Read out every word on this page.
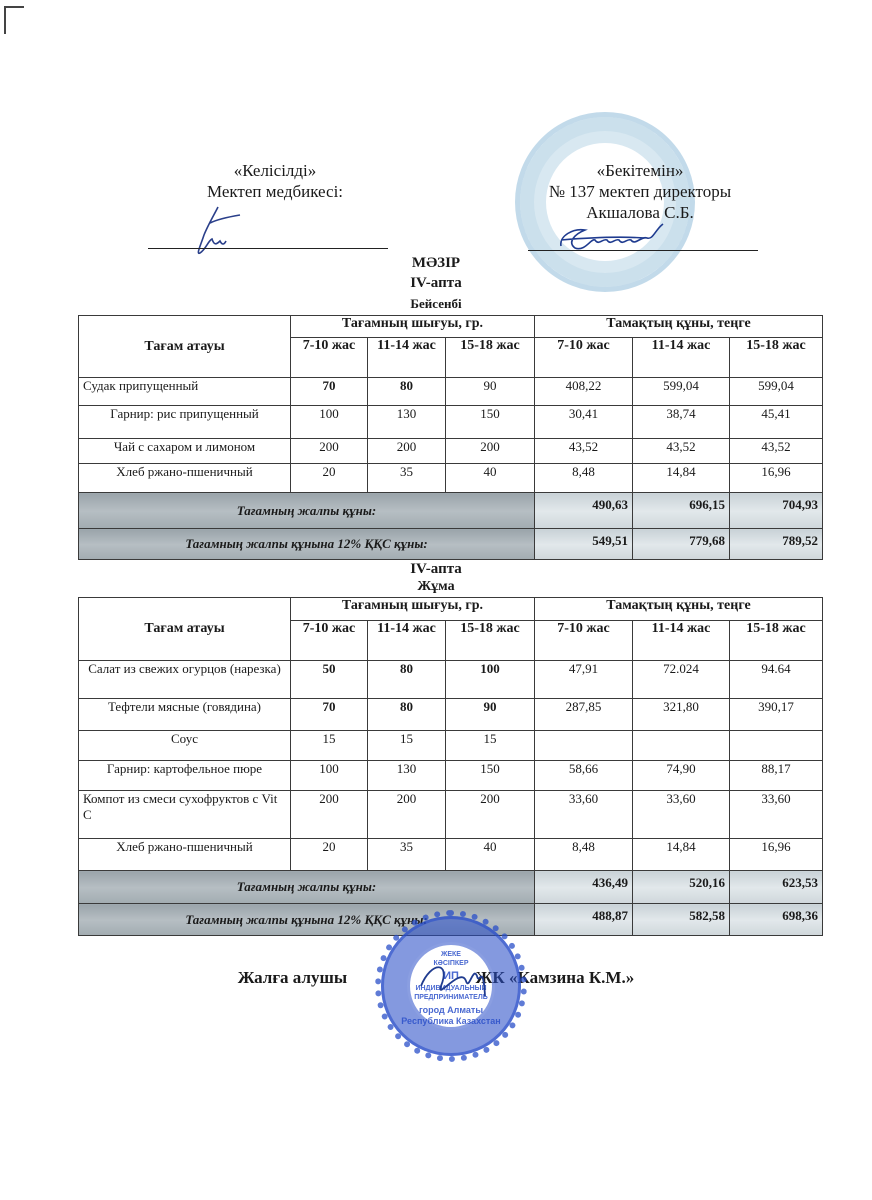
«Келісілді»
Мектеп медбикесі:
«Бекітемін»
№ 137 мектеп директоры
Акшалова С.Б.
МӘЗІР
IV-апта
Бейсенбі
Тағам атауы	Тағамның шығуы, гр.			Тамақтың құны, теңге		
	7-10 жас	11-14 жас	15-18 жас	7-10 жас	11-14 жас	15-18 жас
Судак припущенный	70	80	90	408,22	599,04	599,04
Гарнир: рис припущенный	100	130	150	30,41	38,74	45,41
Чай с сахаром и лимоном	200	200	200	43,52	43,52	43,52
Хлеб ржано-пшеничный	20	35	40	8,48	14,84	16,96
Тағамның жалпы құны:				490,63	696,15	704,93
Тағамның жалпы құнына 12% ҚҚС құны:				549,51	779,68	789,52
IV-апта
Жұма
Тағам атауы	Тағамның шығуы, гр.			Тамақтың құны, теңге		
	7-10 жас	11-14 жас	15-18 жас	7-10 жас	11-14 жас	15-18 жас
Салат из свежих огурцов (нарезка)	50	80	100	47,91	72.024	94.64
Тефтели мясные (говядина)	70	80	90	287,85	321,80	390,17
Соус	15	15	15			
Гарнир: картофельное пюре	100	130	150	58,66	74,90	88,17
Компот из смеси сухофруктов с Vit C	200	200	200	33,60	33,60	33,60
Хлеб ржано-пшеничный	20	35	40	8,48	14,84	16,96
Тағамның жалпы құны:				436,49	520,16	623,53
Тағамның жалпы құнына 12% ҚҚС құны:				488,87	582,58	698,36
Жалға алушы	ЖК «Камзина К.М.»
ЖЕКЕ
КӘСІПКЕР
ИП
ИНДИВИДУАЛЬНЫЙ
ПРЕДПРИНИМАТЕЛЬ
город Алматы
Республика Казахстан
